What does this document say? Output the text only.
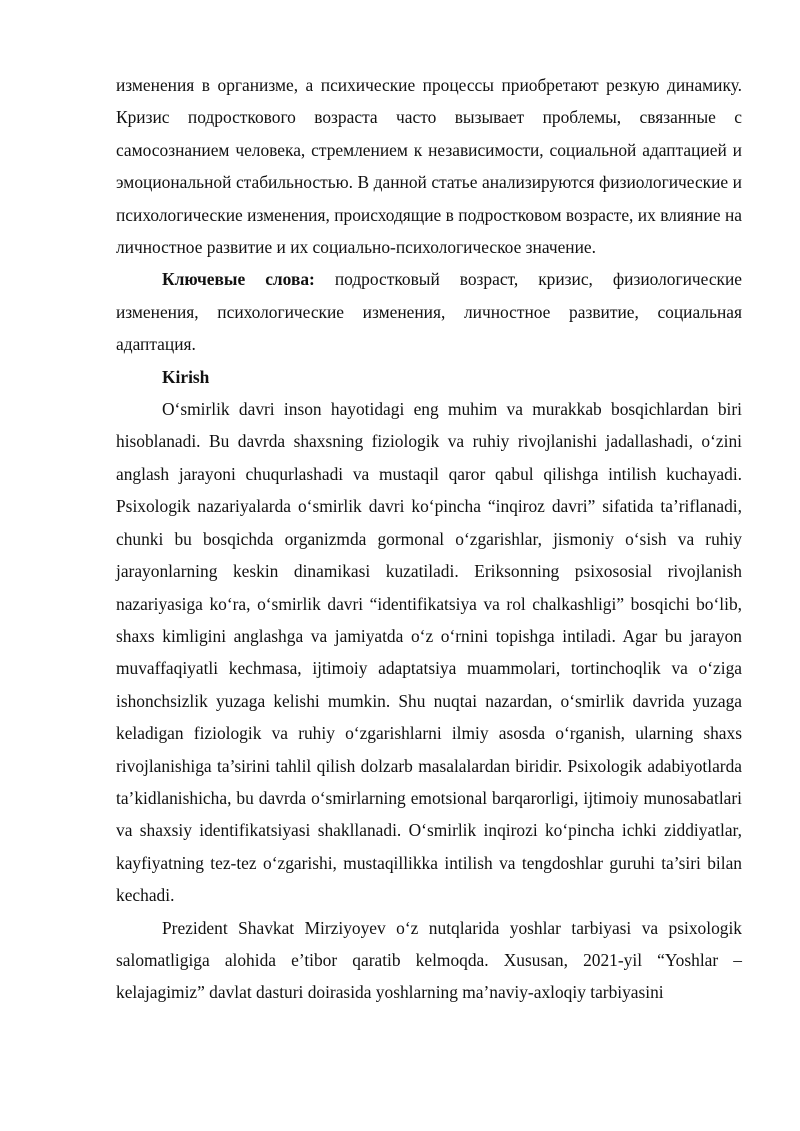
изменения в организме, а психические процессы приобретают резкую динамику. Кризис подросткового возраста часто вызывает проблемы, связанные с самосознанием человека, стремлением к независимости, социальной адаптацией и эмоциональной стабильностью. В данной статье анализируются физиологические и психологические изменения, происходящие в подростковом возрасте, их влияние на личностное развитие и их социально-психологическое значение.

Ключевые слова: подростковый возраст, кризис, физиологические изменения, психологические изменения, личностное развитие, социальная адаптация.

Kirish

O‘smirlik davri inson hayotidagi eng muhim va murakkab bosqichlardan biri hisoblanadi. Bu davrda shaxsning fiziologik va ruhiy rivojlanishi jadallashadi, o‘zini anglash jarayoni chuqurlashadi va mustaqil qaror qabul qilishga intilish kuchayadi. Psixologik nazariyalarda o‘smirlik davri ko‘pincha “inqiroz davri” sifatida ta’riflanadi, chunki bu bosqichda organizmda gormonal o‘zgarishlar, jismoniy o‘sish va ruhiy jarayonlarning keskin dinamikasi kuzatiladi. Eriksonning psixososial rivojlanish nazariyasiga ko‘ra, o‘smirlik davri “identifikatsiya va rol chalkashligi” bosqichi bo‘lib, shaxs kimligini anglashga va jamiyatda o‘z o‘rnini topishga intiladi. Agar bu jarayon muvaffaqiyatli kechmasa, ijtimoiy adaptatsiya muammolari, tortinchoqlik va o‘ziga ishonchsizlik yuzaga kelishi mumkin. Shu nuqtai nazardan, o‘smirlik davrida yuzaga keladigan fiziologik va ruhiy o‘zgarishlarni ilmiy asosda o‘rganish, ularning shaxs rivojlanishiga ta’sirini tahlil qilish dolzarb masalalardan biridir. Psixologik adabiyotlarda ta’kidlanishicha, bu davrda o‘smirlarning emotsional barqarorligi, ijtimoiy munosabatlari va shaxsiy identifikatsiyasi shakllanadi. O‘smirlik inqirozi ko‘pincha ichki ziddiyatlar, kayfiyatning tez-tez o‘zgarishi, mustaqillikka intilish va tengdoshlar guruhi ta’siri bilan kechadi.

Prezident Shavkat Mirziyoyev o‘z nutqlarida yoshlar tarbiyasi va psixologik salomatligiga alohida e’tibor qaratib kelmoqda. Xususan, 2021-yil “Yoshlar – kelajagimiz” davlat dasturi doirasida yoshlarning ma’naviy-axloqiy tarbiyasini
